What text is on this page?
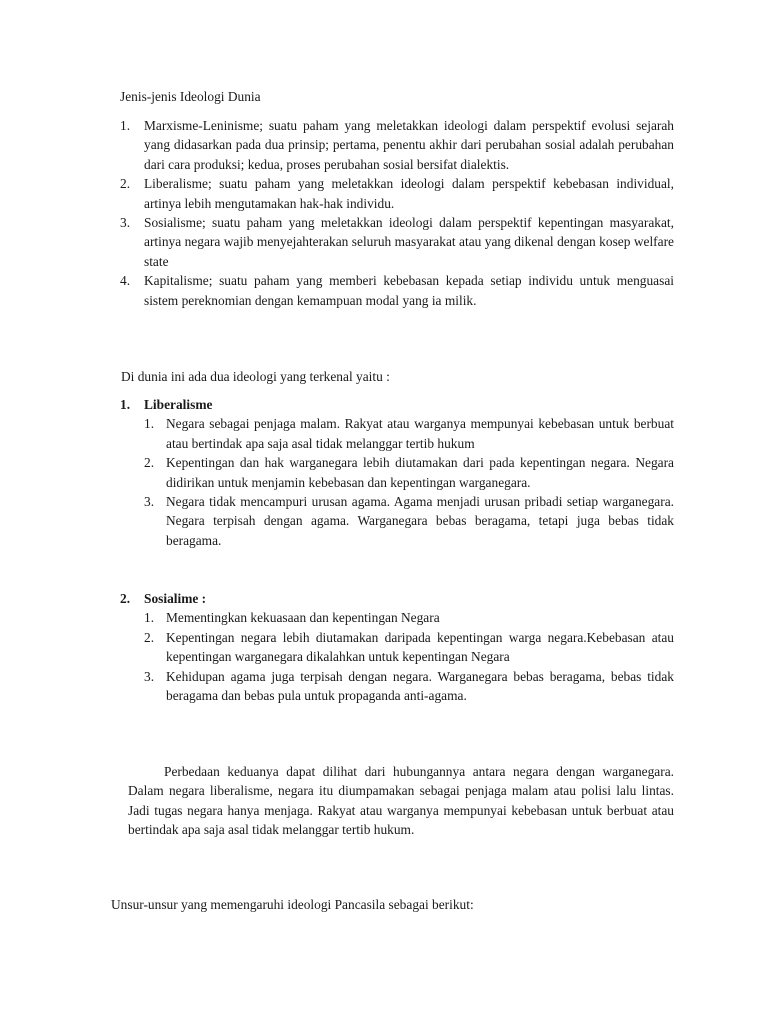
Jenis-jenis Ideologi Dunia
1. Marxisme-Leninisme; suatu paham yang meletakkan ideologi dalam perspektif evolusi sejarah yang didasarkan pada dua prinsip; pertama, penentu akhir dari perubahan sosial adalah perubahan dari cara produksi; kedua, proses perubahan sosial bersifat dialektis.
2. Liberalisme; suatu paham yang meletakkan ideologi dalam perspektif kebebasan individual, artinya lebih mengutamakan hak-hak individu.
3. Sosialisme; suatu paham yang meletakkan ideologi dalam perspektif kepentingan masyarakat, artinya negara wajib menyejahterakan seluruh masyarakat atau yang dikenal dengan kosep welfare state
4. Kapitalisme; suatu paham yang memberi kebebasan kepada setiap individu untuk menguasai sistem pereknomian dengan kemampuan modal yang ia milik.
Di dunia ini ada dua ideologi yang terkenal yaitu :
1. Liberalisme
1. Negara sebagai penjaga malam. Rakyat atau warganya mempunyai kebebasan untuk berbuat atau bertindak apa saja asal tidak melanggar tertib hukum
2. Kepentingan dan hak warganegara lebih diutamakan dari pada kepentingan negara. Negara didirikan untuk menjamin kebebasan dan kepentingan warganegara.
3. Negara tidak mencampuri urusan agama. Agama menjadi urusan pribadi setiap warganegara. Negara terpisah dengan agama. Warganegara bebas beragama, tetapi juga bebas tidak beragama.
2. Sosialime :
1. Mementingkan kekuasaan dan kepentingan Negara
2. Kepentingan negara lebih diutamakan daripada kepentingan warga negara.Kebebasan atau kepentingan warganegara dikalahkan untuk kepentingan Negara
3. Kehidupan agama juga terpisah dengan negara. Warganegara bebas beragama, bebas tidak beragama dan bebas pula untuk propaganda anti-agama.

Perbedaan keduanya dapat dilihat dari hubungannya antara negara dengan warganegara. Dalam negara liberalisme, negara itu diumpamakan sebagai penjaga malam atau polisi lalu lintas. Jadi tugas negara hanya menjaga. Rakyat atau warganya mempunyai kebebasan untuk berbuat atau bertindak apa saja asal tidak melanggar tertib hukum.

Unsur-unsur yang memengaruhi ideologi Pancasila sebagai berikut:
